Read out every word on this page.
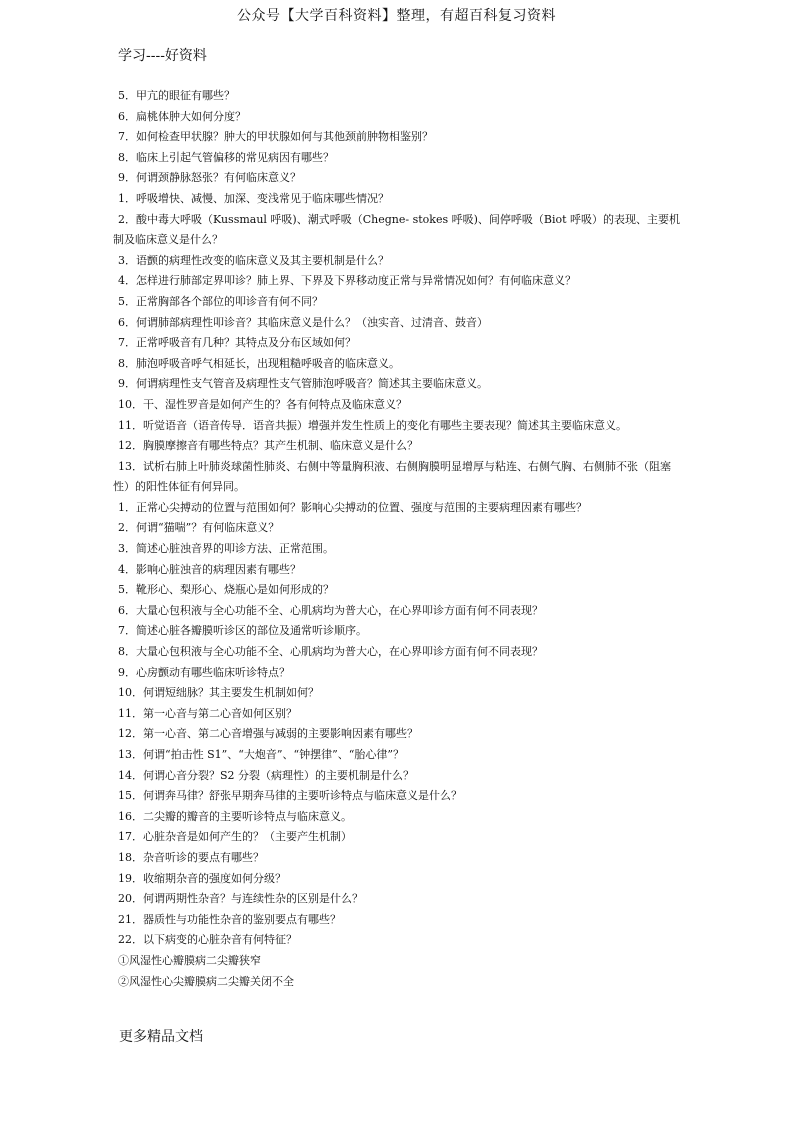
公众号【大学百科资料】整理，有超百科复习资料
学习----好资料
5．甲亢的眼征有哪些？
6．扁桃体肿大如何分度？
7．如何检查甲状腺？肿大的甲状腺如何与其他颈前肿物相鉴别？
8．临床上引起气管偏移的常见病因有哪些？
9．何谓颈静脉怒张？有何临床意义？
1．呼吸增快、减慢、加深、变浅常见于临床哪些情况？
2．酸中毒大呼吸（Kussmaul 呼吸)、潮式呼吸（Chegne- stokes 呼吸)、间停呼吸（Biot 呼吸）的表现、主要机制及临床意义是什么？
3．语颤的病理性改变的临床意义及其主要机制是什么？
4．怎样进行肺部定界叩诊？肺上界、下界及下界移动度正常与异常情况如何？有何临床意义？
5．正常胸部各个部位的叩诊音有何不同？
6．何谓肺部病理性叩诊音？其临床意义是什么？（浊实音、过清音、鼓音）
7．正常呼吸音有几种？其特点及分布区域如何？
8．肺泡呼吸音呼气相延长，出现粗糙呼吸音的临床意义。
9．何谓病理性支气管音及病理性支气管肺泡呼吸音？简述其主要临床意义。
10．干、湿性罗音是如何产生的？各有何特点及临床意义？
11．听觉语音（语音传导．语音共振）增强并发生性质上的变化有哪些主要表现？简述其主要临床意义。
12．胸膜摩擦音有哪些特点？其产生机制、临床意义是什么？
13．试析右肺上叶肺炎球菌性肺炎、右侧中等量胸积液、右侧胸膜明显增厚与粘连、右侧气胸、右侧肺不张（阻塞性）的阳性体征有何异同。
1．正常心尖搏动的位置与范围如何？影响心尖搏动的位置、强度与范围的主要病理因素有哪些？
2．何谓“猫喘”？有何临床意义？
3．简述心脏浊音界的叩诊方法、正常范围。
4．影响心脏浊音的病理因素有哪些？
5．靴形心、梨形心、烧瓶心是如何形成的？
6．大量心包积液与全心功能不全、心肌病均为普大心，在心界叩诊方面有何不同表现？
7．简述心脏各瓣膜听诊区的部位及通常听诊顺序。
8．大量心包积液与全心功能不全、心肌病均为普大心，在心界叩诊方面有何不同表现？
9．心房颤动有哪些临床听诊特点？
10．何谓短绌脉？其主要发生机制如何？
11．第一心音与第二心音如何区别？
12．第一心音、第二心音增强与减弱的主要影响因素有哪些？
13．何谓“拍击性 S1”、“大炮音”、“钟摆律”、“胎心律”？
14．何谓心音分裂？S2 分裂（病理性）的主要机制是什么？
15．何谓奔马律？舒张早期奔马律的主要听诊特点与临床意义是什么？
16．二尖瓣的瓣音的主要听诊特点与临床意义。
17．心脏杂音是如何产生的？（主要产生机制）
18．杂音听诊的要点有哪些？
19．收缩期杂音的强度如何分级？
20．何谓两期性杂音？与连续性杂的区别是什么？
21．器质性与功能性杂音的鉴别要点有哪些？
22．以下病变的心脏杂音有何特征？
①风湿性心瓣膜病二尖瓣狭窄
②风湿性心尖瓣膜病二尖瓣关闭不全
更多精品文档
